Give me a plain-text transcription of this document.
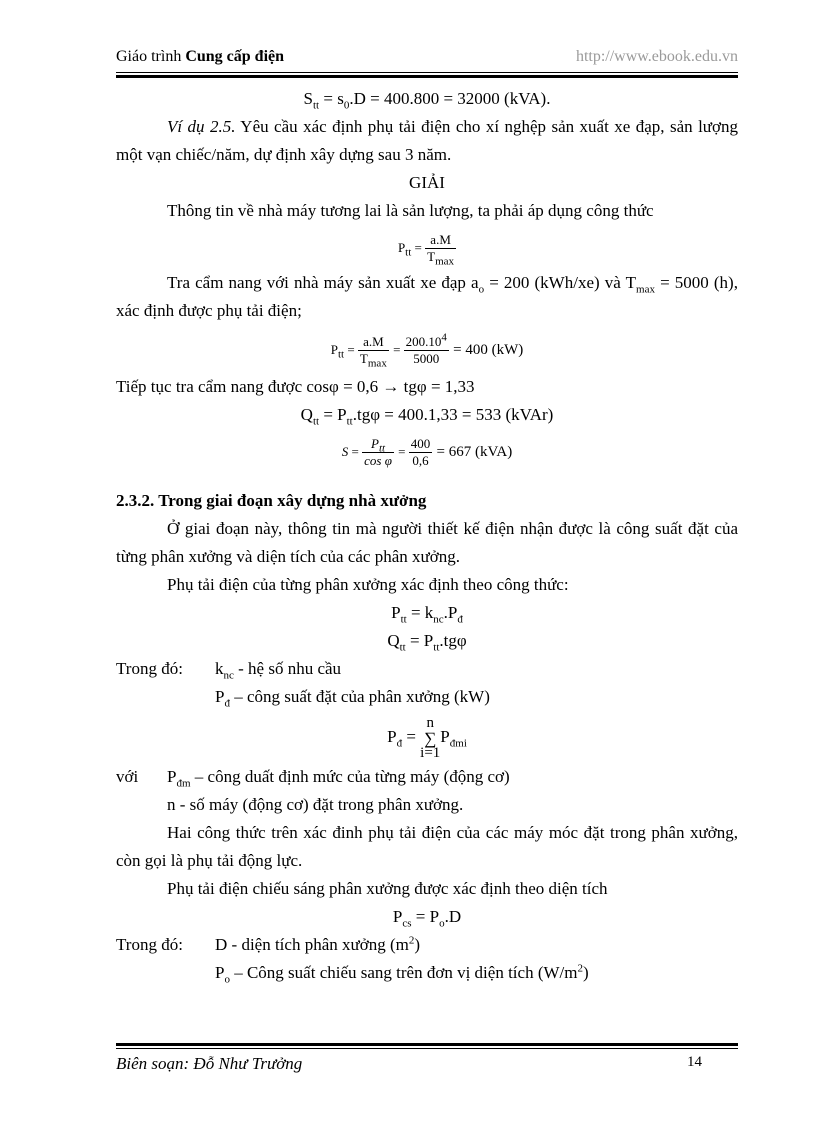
Giáo trình Cung cấp điện	http://www.ebook.edu.vn

$S_{tt} = s_0.D = 400.800 = 32000$ (kVA).

Ví dụ 2.5. Yêu cầu xác định phụ tải điện cho xí nghệp sản xuất xe đạp, sản lượng một vạn chiếc/năm, dự định xây dựng sau 3 năm.

GIẢI

Thông tin về nhà máy tương lai là sản lượng, ta phải áp dụng công thức

$P_{tt} = \frac{a.M}{T_{max}}$

Tra cẩm nang với nhà máy sản xuất xe đạp $a_o = 200$ (kWh/xe) và $T_{max} = 5000$ (h), xác định được phụ tải điện;

$P_{tt} = \frac{a.M}{T_{max}} = \frac{200.10^4}{5000} = 400$ (kW)

Tiếp tục tra cẩm nang được cosφ = 0,6 → tgφ = 1,33

$Q_{tt} = P_{tt}.tg\varphi = 400.1,33 = 533$ (kVAr)

$S = \frac{P_{tt}}{\text{cos φ}} = \frac{400}{0,6} = 667$ (kVA)

2.3.2. Trong giai đoạn xây dựng nhà xưởng

Ở giai đoạn này, thông tin mà người thiết kế điện nhận được là công suất đặt của từng phân xưởng và diện tích của các phân xưởng.

Phụ tải điện của từng phân xưởng xác định theo công thức:

$P_{tt} = k_{nc}.P_đ$

$Q_{tt} = P_{tt}.tg\varphi$

Trong đó:	$k_{nc}$ - hệ số nhu cầu

$P_đ$ – công suất đặt của phân xưởng (kW)

$P_đ$ =
n
∑
i=1
$P_{đmi}$
với	$P_{đm}$ – công duất định mức của từng máy (động cơ)

n - số máy (động cơ) đặt trong phân xưởng.

Hai công thức trên xác đinh phụ tải điện của các máy móc đặt trong phân xưởng, còn gọi là phụ tải động lực.

Phụ tải điện chiếu sáng phân xưởng được xác định theo diện tích

$P_{cs} = P_o.D$

Trong đó:	D - diện tích phân xưởng $(m^2)$

$P_o$ – Công suất chiếu sang trên đơn vị diện tích $(W/m^2)$

Biên soạn: Đỗ Như Trưởng	14
